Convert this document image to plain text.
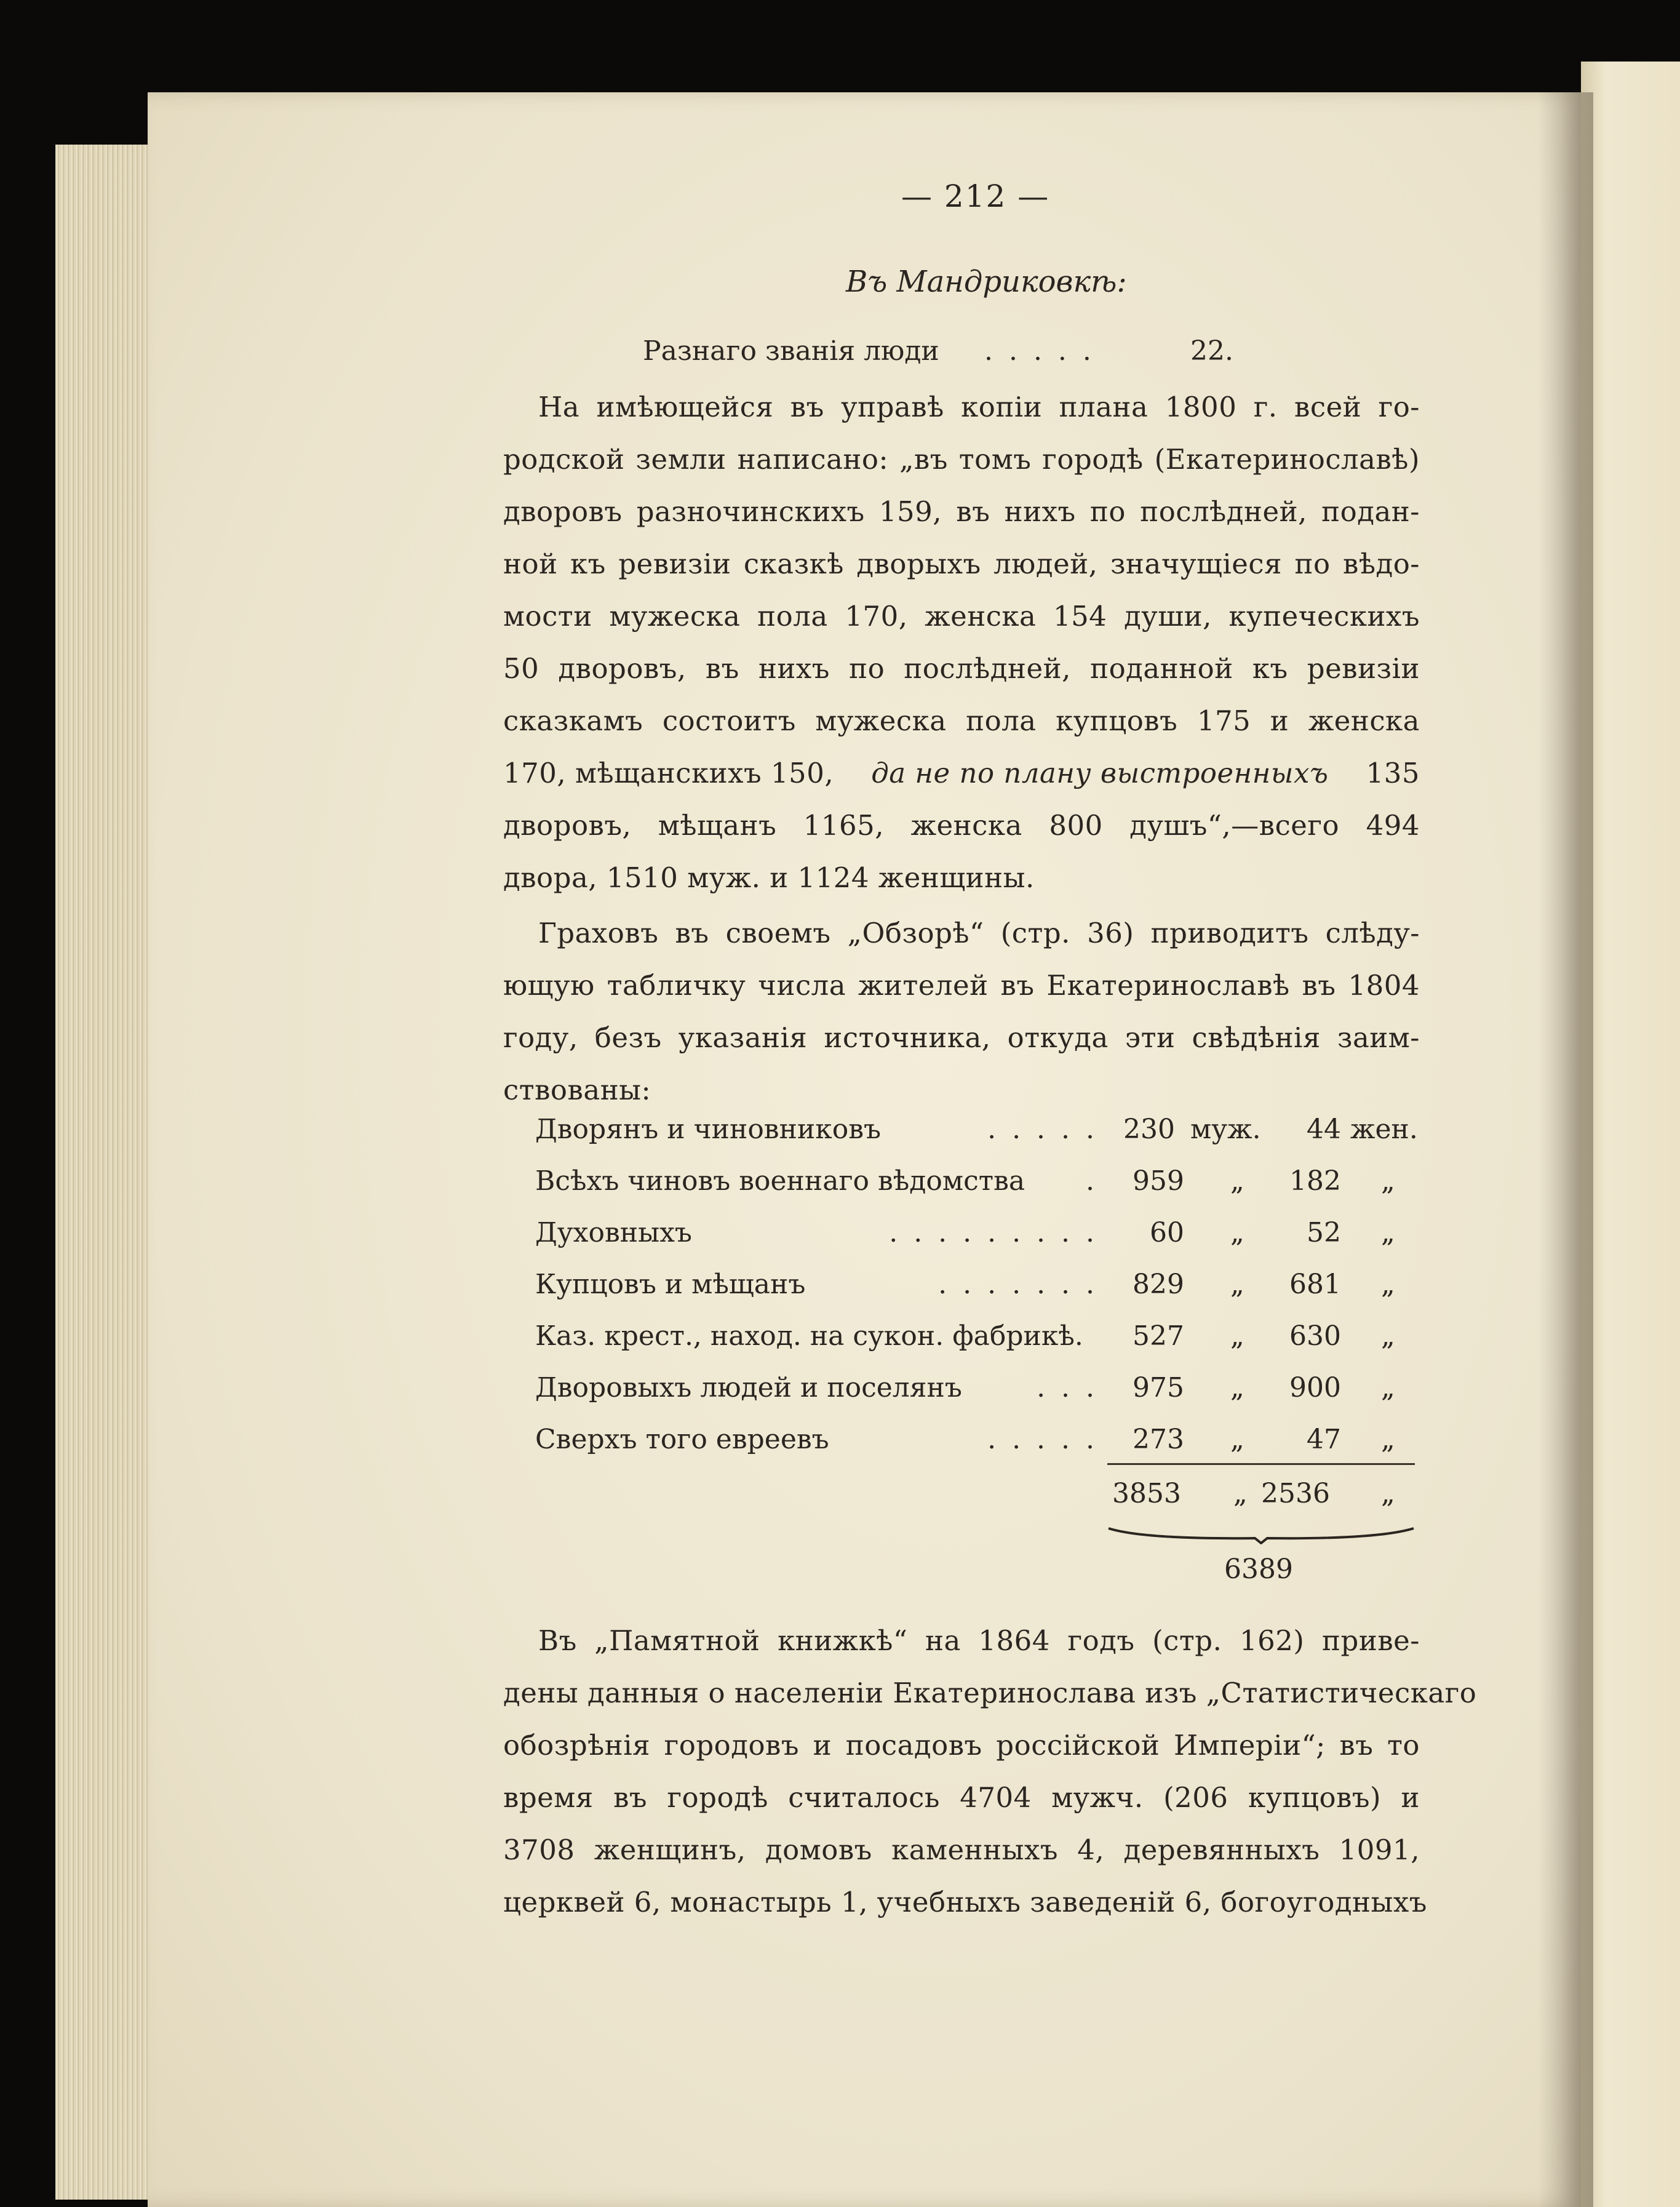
— 212 —
Въ Мандриковкѣ:
Разнаго званія люди . . . . .	22.
На имѣющейся въ управѣ копіи плана 1800 г. всей го-
родской земли написано: „въ томъ городѣ (Екатеринославѣ)
дворовъ разночинскихъ 159, въ нихъ по послѣдней, подан-
ной къ ревизіи сказкѣ дворыхъ людей, значущіеся по вѣдо-
мости мужеска пола 170, женска 154 души, купеческихъ
50 дворовъ, въ нихъ по послѣдней, поданной къ ревизіи
сказкамъ состоитъ мужеска пола купцовъ 175 и женска
170, мѣщанскихъ 150, да не по плану выстроенныхъ 135
дворовъ, мѣщанъ 1165, женска 800 душъ“,—всего 494
двора, 1510 муж. и 1124 женщины.
Граховъ въ своемъ „Обзорѣ“ (стр. 36) приводитъ слѣду-
ющую табличку числа жителей въ Екатеринославѣ въ 1804
году, безъ указанія источника, откуда эти свѣдѣнія заим-
ствованы:
Дворянъ и чиновниковъ	. . . . . 230 муж.	44 жен.
Всѣхъ чиновъ военнаго вѣдомства . 959 „	182 „
Духовныхъ	. . . . . . . . .	60 „	52 „
Купцовъ и мѣщанъ	. . . . . . . 829 „	681 „
Каз. крест., наход. на сукон. фабрикѣ. 527 „	630 „
Дворовыхъ людей и поселянъ	. . . 975 „	900 „
Сверхъ того евреевъ	. . . . . 273 „	47 „
3853 „ 2536 „
6389
Въ „Памятной книжкѣ“ на 1864 годъ (стр. 162) приве-
дены данныя о населеніи Екатеринослава изъ „Статистическаго
обозрѣнія городовъ и посадовъ россійской Имперіи“; въ то
время въ городѣ считалось 4704 мужч. (206 купцовъ) и
3708 женщинъ, домовъ каменныхъ 4, деревянныхъ 1091,
церквей 6, монастырь 1, учебныхъ заведеній 6, богоугодныхъ
